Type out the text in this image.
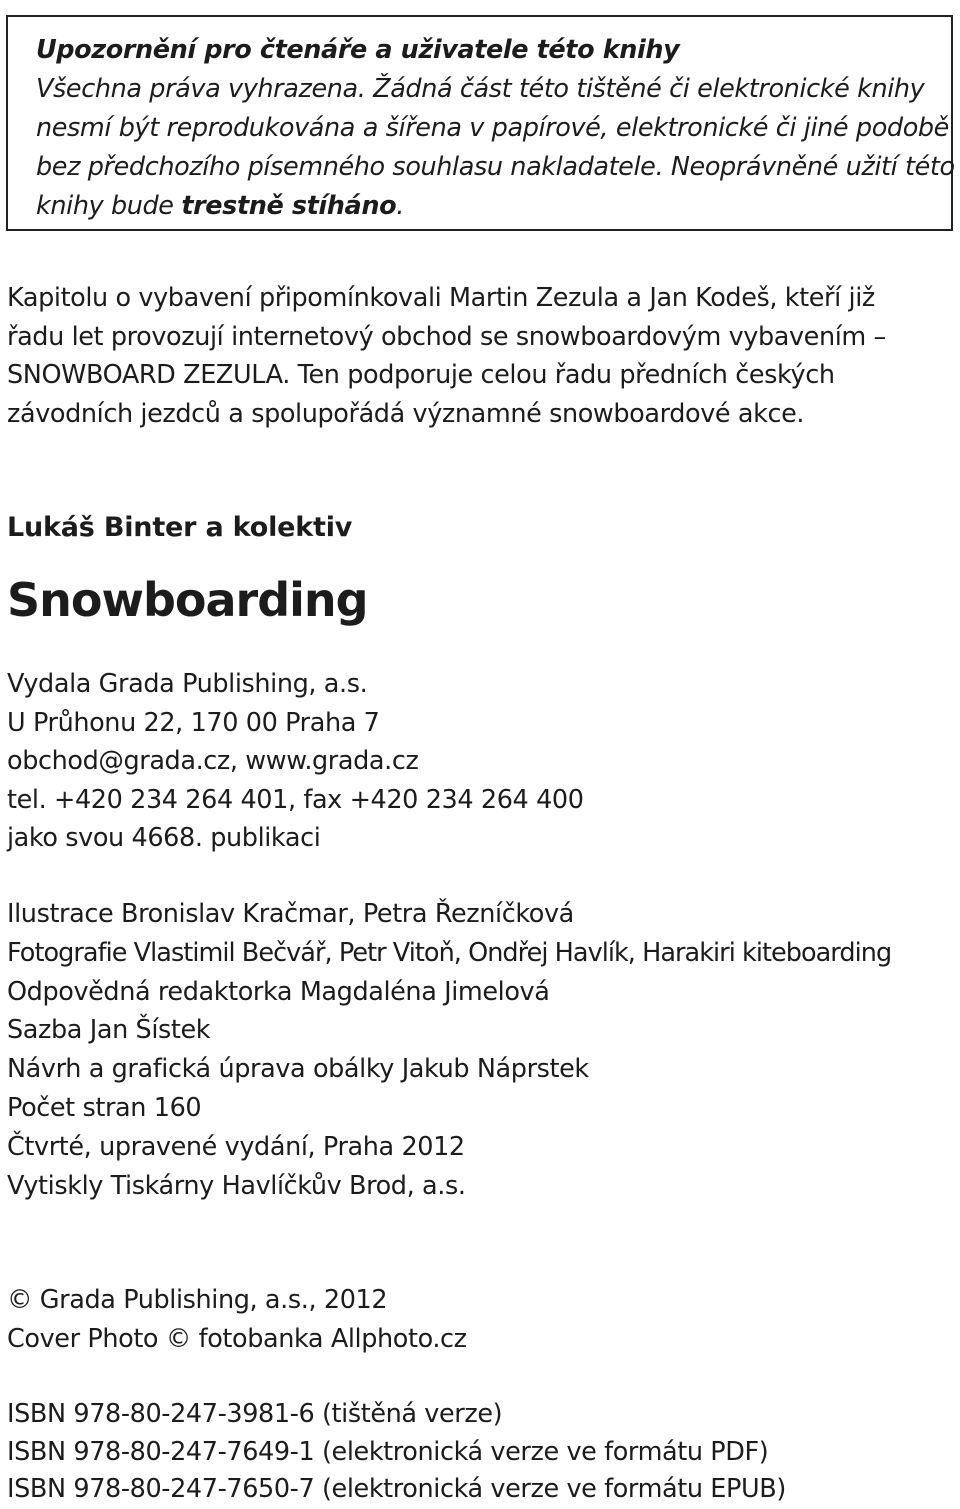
Upozornění pro čtenáře a uživatele této knihy
Všechna práva vyhrazena. Žádná část této tištěné či elektronické knihy
nesmí být reprodukována a šířena v papírové, elektronické či jiné podobě
bez předchozího písemného souhlasu nakladatele. Neoprávněné užití této
knihy bude trestně stíháno.
Kapitolu o vybavení připomínkovali Martin Zezula a Jan Kodeš, kteří již
řadu let provozují internetový obchod se snowboardovým vybavením –
SNOWBOARD ZEZULA. Ten podporuje celou řadu předních českých
závodních jezdců a spolupořádá významné snowboardové akce.
Lukáš Binter a kolektiv
Snowboarding
Vydala Grada Publishing, a.s.
U Průhonu 22, 170 00 Praha 7
obchod@grada.cz, www.grada.cz
tel. +420 234 264 401, fax +420 234 264 400
jako svou 4668. publikaci
Ilustrace Bronislav Kračmar, Petra Řezníčková
Fotografie Vlastimil Bečvář, Petr Vitoň, Ondřej Havlík, Harakiri kiteboarding
Odpovědná redaktorka Magdaléna Jimelová
Sazba Jan Šístek
Návrh a grafická úprava obálky Jakub Náprstek
Počet stran 160
Čtvrté, upravené vydání, Praha 2012
Vytiskly Tiskárny Havlíčkův Brod, a.s.
© Grada Publishing, a.s., 2012
Cover Photo © fotobanka Allphoto.cz
ISBN 978-80-247-3981-6 (tištěná verze)
ISBN 978-80-247-7649-1 (elektronická verze ve formátu PDF)
ISBN 978-80-247-7650-7 (elektronická verze ve formátu EPUB)
